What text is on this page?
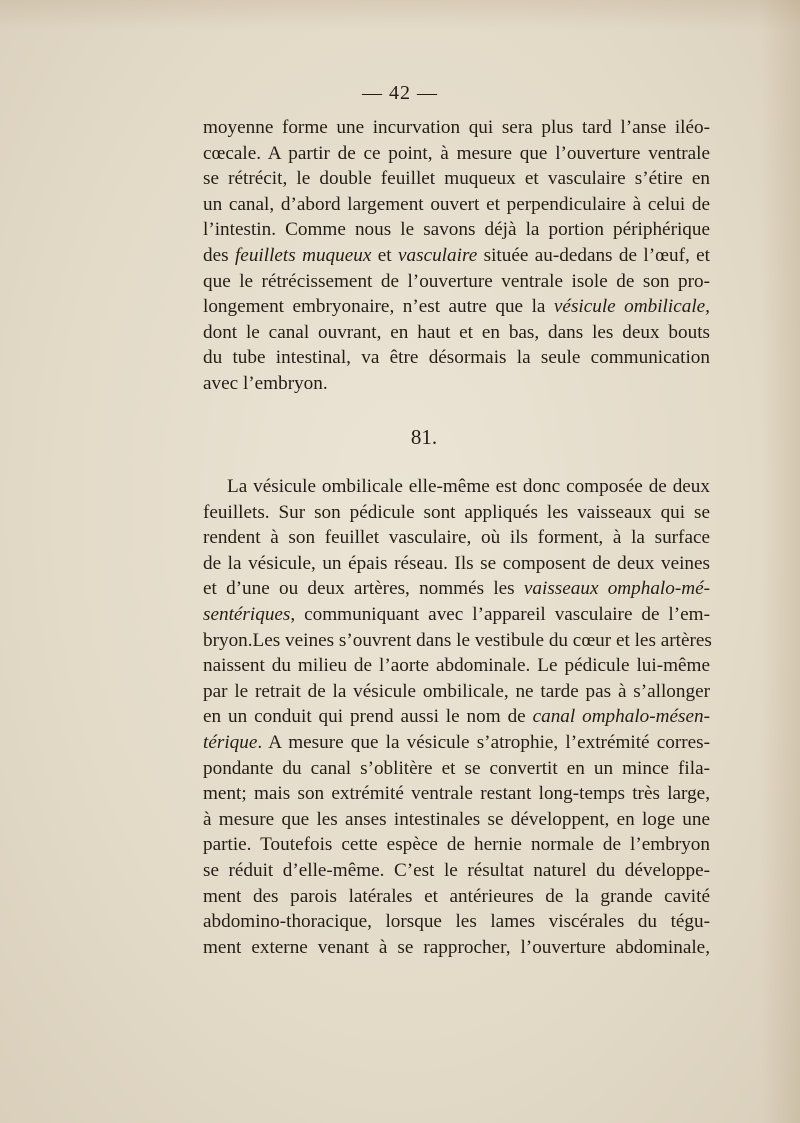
— 42 —
moyenne forme une incurvation qui sera plus tard l’anse iléo-
cœcale. A partir de ce point, à mesure que l’ouverture ventrale
se rétrécit, le double feuillet muqueux et vasculaire s’étire en
un canal, d’abord largement ouvert et perpendiculaire à celui de
l’intestin. Comme nous le savons déjà la portion périphérique
des feuillets muqueux et vasculaire située au-dedans de l’œuf, et
que le rétrécissement de l’ouverture ventrale isole de son pro-
longement embryonaire, n’est autre que la vésicule ombilicale,
dont le canal ouvrant, en haut et en bas, dans les deux bouts
du tube intestinal, va être désormais la seule communication
avec l’embryon.
81.
La vésicule ombilicale elle-même est donc composée de deux
feuillets. Sur son pédicule sont appliqués les vaisseaux qui se
rendent à son feuillet vasculaire, où ils forment, à la surface
de la vésicule, un épais réseau. Ils se composent de deux veines
et d’une ou deux artères, nommés les vaisseaux omphalo-mé-
sentériques, communiquant avec l’appareil vasculaire de l’em-
bryon.Les veines s’ouvrent dans le vestibule du cœur et les artères
naissent du milieu de l’aorte abdominale. Le pédicule lui-même
par le retrait de la vésicule ombilicale, ne tarde pas à s’allonger
en un conduit qui prend aussi le nom de canal omphalo-mésen-
térique. A mesure que la vésicule s’atrophie, l’extrémité corres-
pondante du canal s’oblitère et se convertit en un mince fila-
ment; mais son extrémité ventrale restant long-temps très large,
à mesure que les anses intestinales se développent, en loge une
partie. Toutefois cette espèce de hernie normale de l’embryon
se réduit d’elle-même. C’est le résultat naturel du développe-
ment des parois latérales et antérieures de la grande cavité
abdomino-thoracique, lorsque les lames viscérales du tégu-
ment externe venant à se rapprocher, l’ouverture abdominale,
